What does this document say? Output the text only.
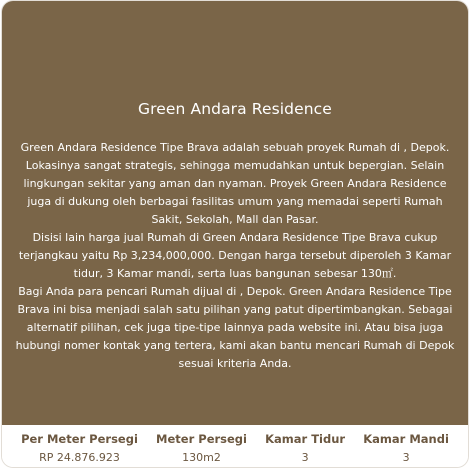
Green Andara Residence

Green Andara Residence Tipe Brava adalah sebuah proyek Rumah di , Depok. Lokasinya sangat strategis, sehingga memudahkan untuk bepergian. Selain lingkungan sekitar yang aman dan nyaman. Proyek Green Andara Residence juga di dukung oleh berbagai fasilitas umum yang memadai seperti Rumah Sakit, Sekolah, Mall dan Pasar.

Disisi lain harga jual Rumah di Green Andara Residence Tipe Brava cukup terjangkau yaitu Rp 3,234,000,000. Dengan harga tersebut diperoleh 3 Kamar tidur, 3 Kamar mandi, serta luas bangunan sebesar 130㎡.

Bagi Anda para pencari Rumah dijual di , Depok. Green Andara Residence Tipe Brava ini bisa menjadi salah satu pilihan yang patut dipertimbangkan. Sebagai alternatif pilihan, cek juga tipe-tipe lainnya pada website ini. Atau bisa juga hubungi nomer kontak yang tertera, kami akan bantu mencari Rumah di Depok sesuai kriteria Anda.

Per Meter Persegi
RP 24.876.923
Meter Persegi
130m2
Kamar Tidur
3
Kamar Mandi
3
